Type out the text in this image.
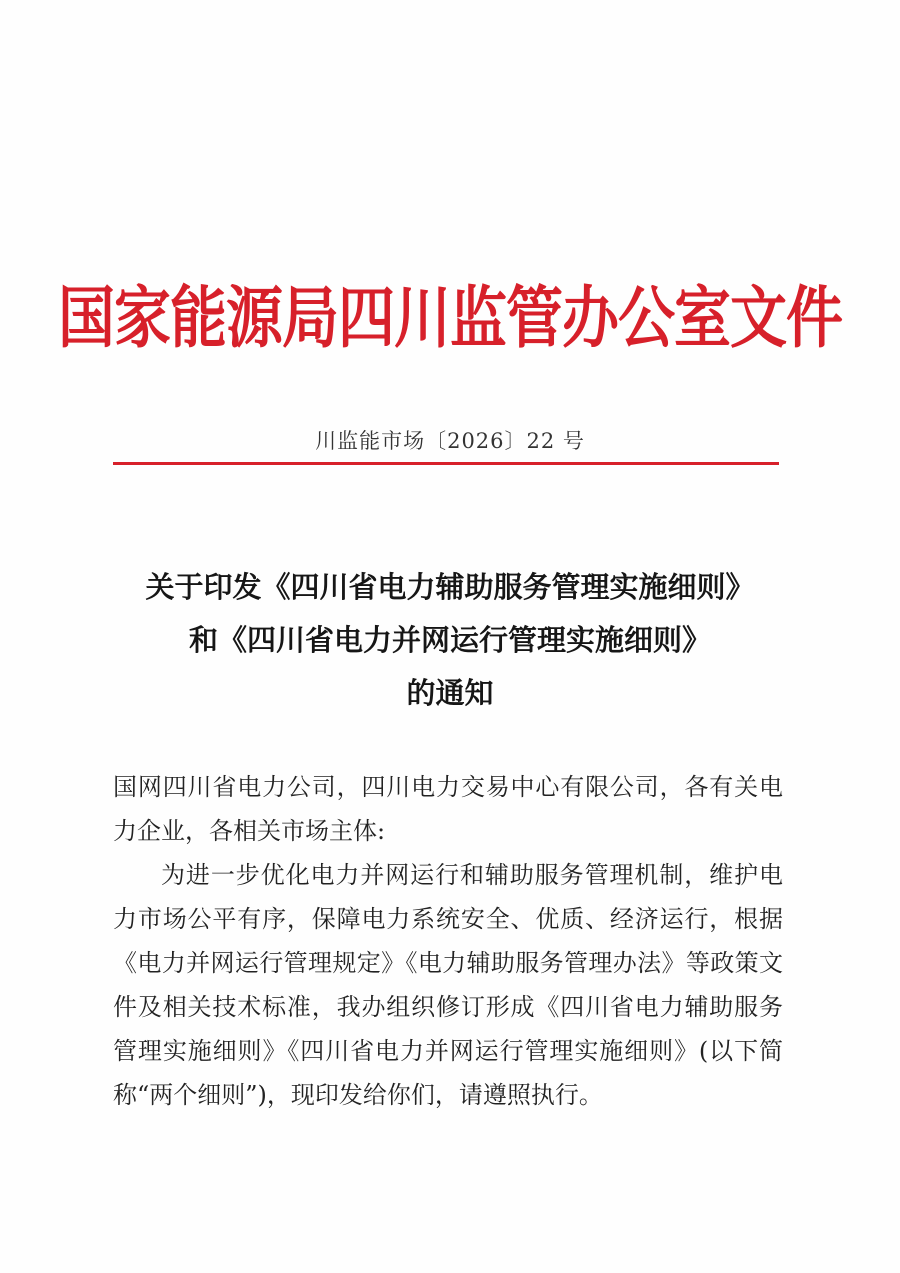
国家能源局四川监管办公室文件
川监能市场〔2026〕22 号
关于印发《四川省电力辅助服务管理实施细则》
和《四川省电力并网运行管理实施细则》
的通知

国网四川省电力公司，四川电力交易中心有限公司，各有关电力企业，各相关市场主体:

为进一步优化电力并网运行和辅助服务管理机制，维护电力市场公平有序，保障电力系统安全、优质、经济运行，根据《电力并网运行管理规定》《电力辅助服务管理办法》等政策文件及相关技术标准，我办组织修订形成《四川省电力辅助服务管理实施细则》《四川省电力并网运行管理实施细则》(以下简称“两个细则”)，现印发给你们，请遵照执行。
